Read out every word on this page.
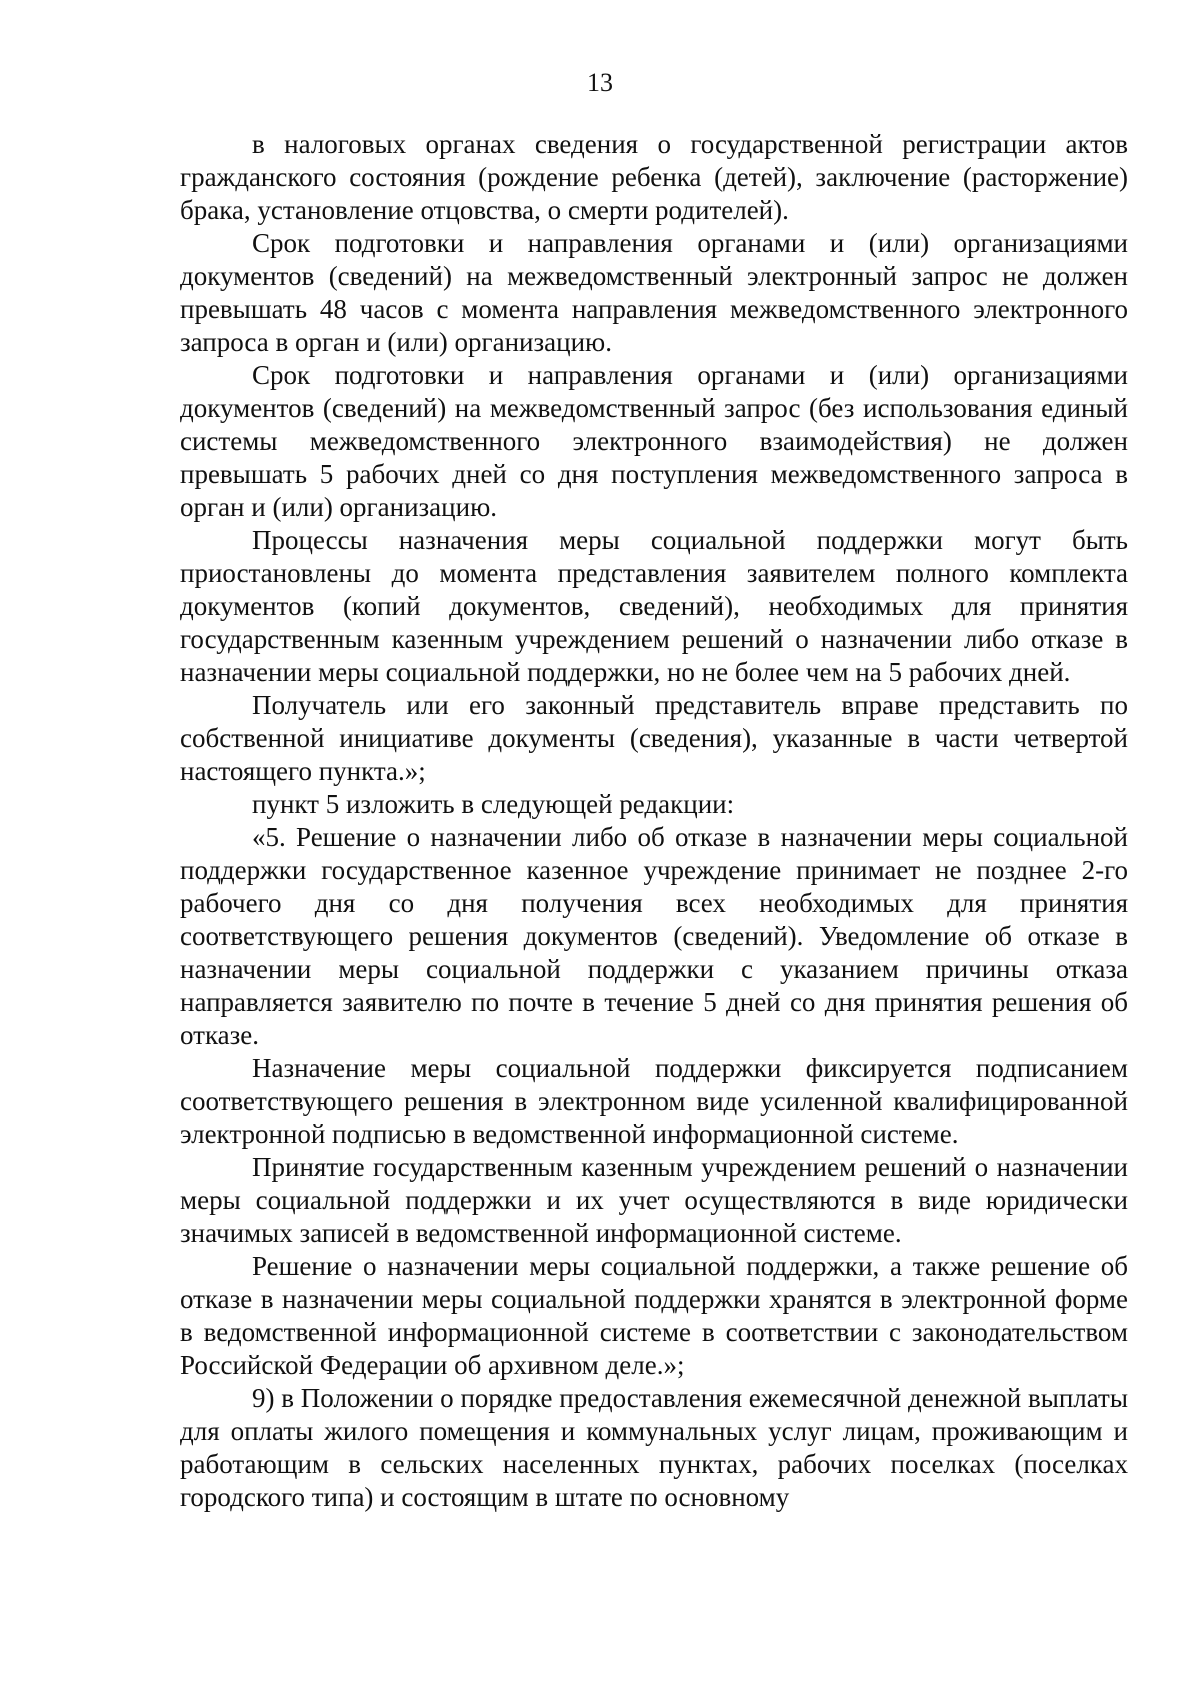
13

в налоговых органах сведения о государственной регистрации актов гражданского состояния (рождение ребенка (детей), заключение (расторжение) брака, установление отцовства, о смерти родителей).

Срок подготовки и направления органами и (или) организациями документов (сведений) на межведомственный электронный запрос не должен превышать 48 часов с момента направления межведомственного электронного запроса в орган и (или) организацию.

Срок подготовки и направления органами и (или) организациями документов (сведений) на межведомственный запрос (без использования единый системы межведомственного электронного взаимодействия) не должен превышать 5 рабочих дней со дня поступления межведомственного запроса в орган и (или) организацию.

Процессы назначения меры социальной поддержки могут быть приостановлены до момента представления заявителем полного комплекта документов (копий документов, сведений), необходимых для принятия государственным казенным учреждением решений о назначении либо отказе в назначении меры социальной поддержки, но не более чем на 5 рабочих дней.

Получатель или его законный представитель вправе представить по собственной инициативе документы (сведения), указанные в части четвертой настоящего пункта.»;

пункт 5 изложить в следующей редакции:

«5. Решение о назначении либо об отказе в назначении меры социальной поддержки государственное казенное учреждение принимает не позднее 2-го рабочего дня со дня получения всех необходимых для принятия соответствующего решения документов (сведений). Уведомление об отказе в назначении меры социальной поддержки с указанием причины отказа направляется заявителю по почте в течение 5 дней со дня принятия решения об отказе.

Назначение меры социальной поддержки фиксируется подписанием соответствующего решения в электронном виде усиленной квалифицированной электронной подписью в ведомственной информационной системе.

Принятие государственным казенным учреждением решений о назначении меры социальной поддержки и их учет осуществляются в виде юридически значимых записей в ведомственной информационной системе.

Решение о назначении меры социальной поддержки, а также решение об отказе в назначении меры социальной поддержки хранятся в электронной форме в ведомственной информационной системе в соответствии с законодательством Российской Федерации об архивном деле.»;

9) в Положении о порядке предоставления ежемесячной денежной выплаты для оплаты жилого помещения и коммунальных услуг лицам, проживающим и работающим в сельских населенных пунктах, рабочих поселках (поселках городского типа) и состоящим в штате по основному
